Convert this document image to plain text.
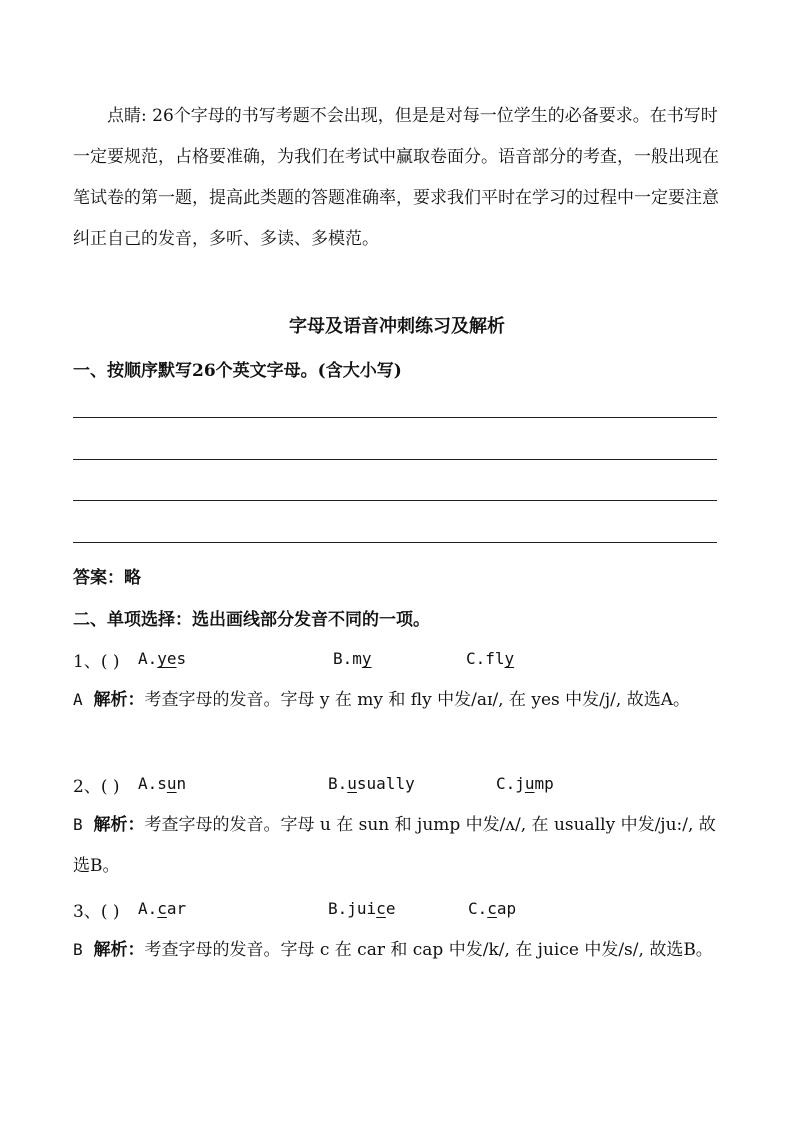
点睛: 26个字母的书写考题不会出现，但是是对每一位学生的必备要求。在书写时一定要规范，占格要准确，为我们在考试中赢取卷面分。语音部分的考查，一般出现在笔试卷的第一题，提高此类题的答题准确率，要求我们平时在学习的过程中一定要注意纠正自己的发音，多听、多读、多模范。
字母及语音冲刺练习及解析
一、按顺序默写26个英文字母。(含大小写)
答案：略
二、单项选择：选出画线部分发音不同的一项。
1、( ) A.yes	B.my	C.fly
A 解析：考查字母的发音。字母 y 在 my 和 fly 中发/aɪ/, 在 yes 中发/j/, 故选A。
2、( ) A.sun	B.usually	C.jump
B 解析：考查字母的发音。字母 u 在 sun 和 jump 中发/ʌ/, 在 usually 中发/ju:/, 故选B。
3、( ) A.car	B.juice	C.cap
B 解析：考查字母的发音。字母 c 在 car 和 cap 中发/k/, 在 juice 中发/s/, 故选B。
